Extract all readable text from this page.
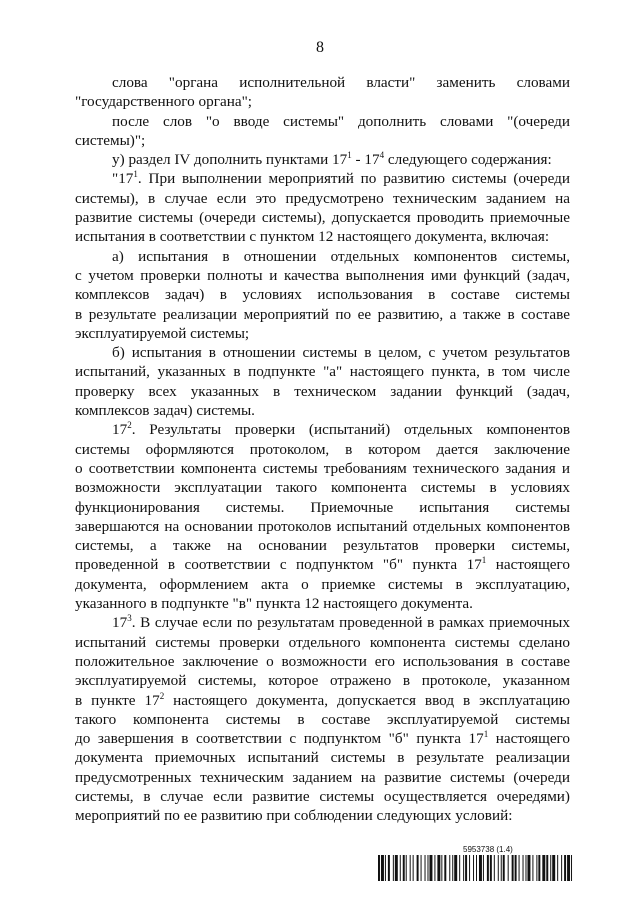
8
слова "органа исполнительной власти" заменить словами
"государственного органа";
после слов "о вводе системы" дополнить словами "(очереди
системы)";
у) раздел IV дополнить пунктами $17^1 - 17^4$ следующего содержания:
"$17^1$. При выполнении мероприятий по развитию системы (очереди
системы), в случае если это предусмотрено техническим заданием на
развитие системы (очереди системы), допускается проводить приемочные
испытания в соответствии с пунктом 12 настоящего документа, включая:
а) испытания в отношении отдельных компонентов системы,
с учетом проверки полноты и качества выполнения ими функций (задач,
комплексов задач) в условиях использования в составе системы
в результате реализации мероприятий по ее развитию, а также в составе
эксплуатируемой системы;
б) испытания в отношении системы в целом, с учетом результатов
испытаний, указанных в подпункте "а" настоящего пункта, в том числе
проверку всех указанных в техническом задании функций (задач,
комплексов задач) системы.
$17^2$. Результаты проверки (испытаний) отдельных компонентов
системы оформляются протоколом, в котором дается заключение
о соответствии компонента системы требованиям технического задания и
возможности эксплуатации такого компонента системы в условиях
функционирования системы. Приемочные испытания системы
завершаются на основании протоколов испытаний отдельных компонентов
системы, а также на основании результатов проверки системы,
проведенной в соответствии с подпунктом "б" пункта $17^1$ настоящего
документа, оформлением акта о приемке системы в эксплуатацию,
указанного в подпункте "в" пункта 12 настоящего документа.
$17^3$. В случае если по результатам проведенной в рамках приемочных
испытаний системы проверки отдельного компонента системы сделано
положительное заключение о возможности его использования в составе
эксплуатируемой системы, которое отражено в протоколе, указанном
в пункте $17^2$ настоящего документа, допускается ввод в эксплуатацию
такого компонента системы в составе эксплуатируемой системы
до завершения в соответствии с подпунктом "б" пункта $17^1$ настоящего
документа приемочных испытаний системы в результате реализации
предусмотренных техническим заданием на развитие системы (очереди
системы, в случае если развитие системы осуществляется очередями)
мероприятий по ее развитию при соблюдении следующих условий:
5953738 (1.4)
